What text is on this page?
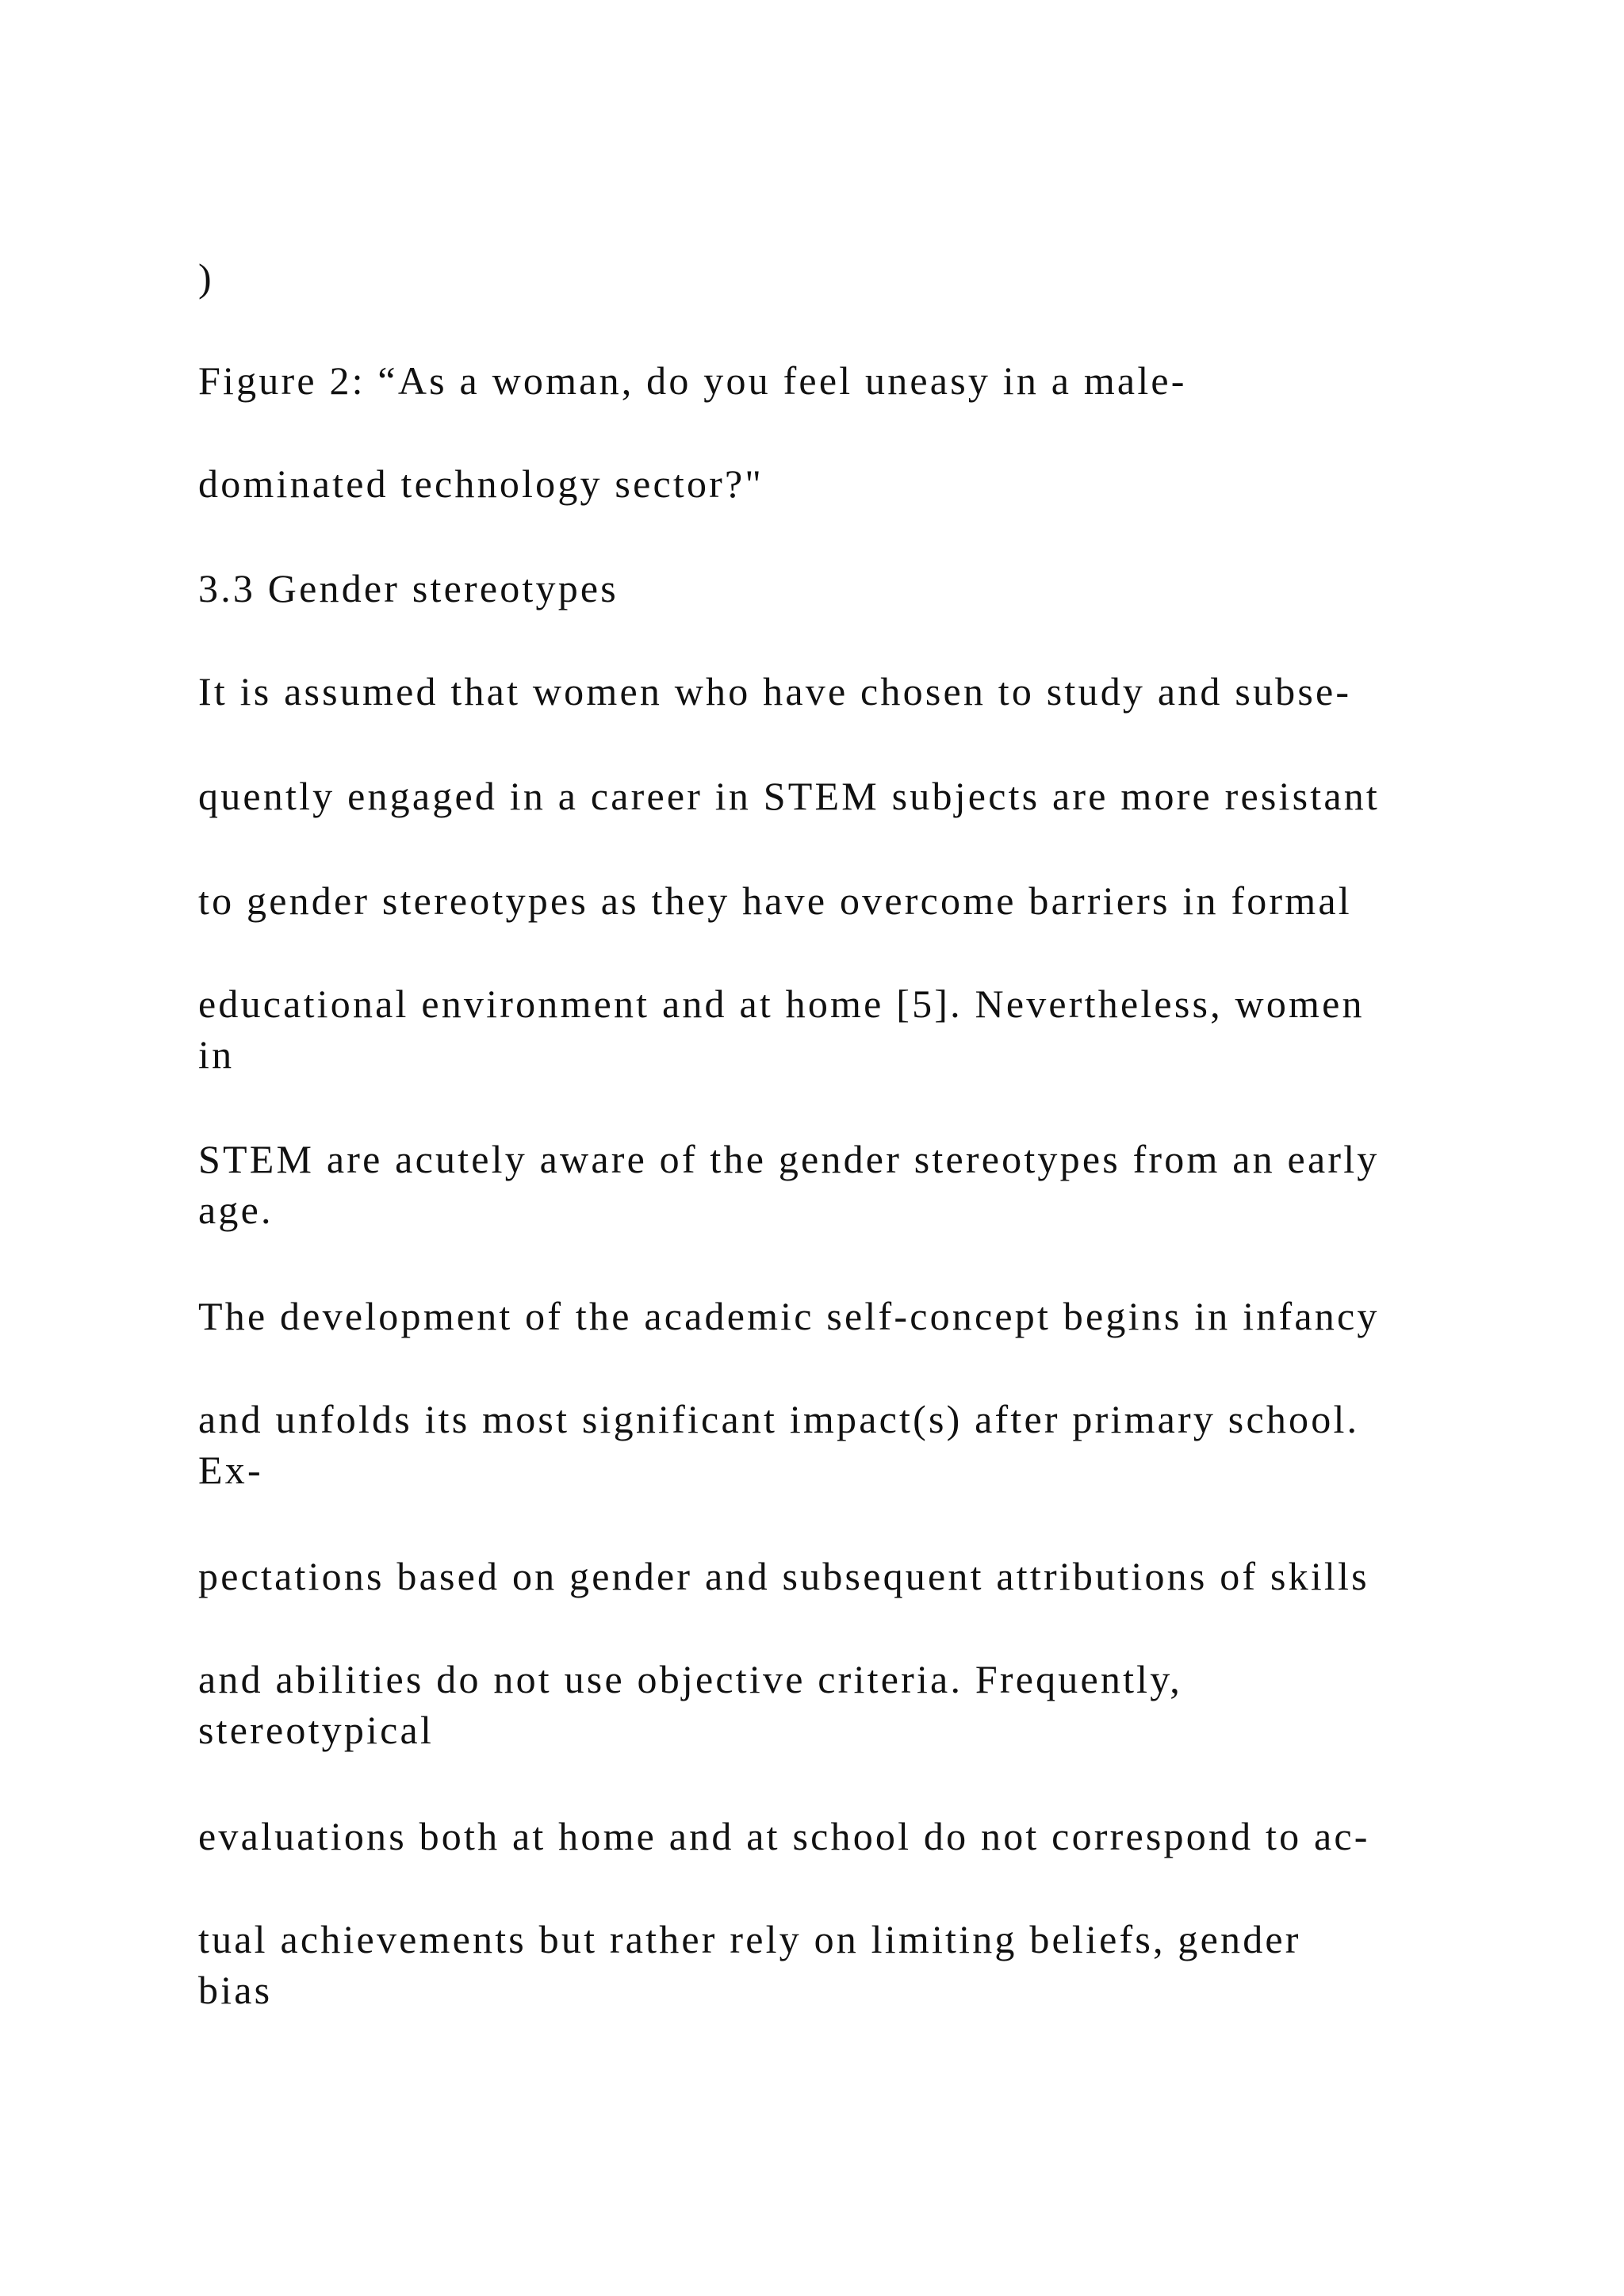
)

Figure 2: “As a woman, do you feel uneasy in a male-

dominated technology sector?"

3.3 Gender stereotypes

It is assumed that women who have chosen to study and subse-

quently engaged in a career in STEM subjects are more resistant

to gender stereotypes as they have overcome barriers in formal

educational environment and at home [5]. Nevertheless, women
in

STEM are acutely aware of the gender stereotypes from an early
age.

The development of the academic self-concept begins in infancy

and unfolds its most significant impact(s) after primary school.
Ex-

pectations based on gender and subsequent attributions of skills

and abilities do not use objective criteria. Frequently,
stereotypical

evaluations both at home and at school do not correspond to ac-

tual achievements but rather rely on limiting beliefs, gender
bias
